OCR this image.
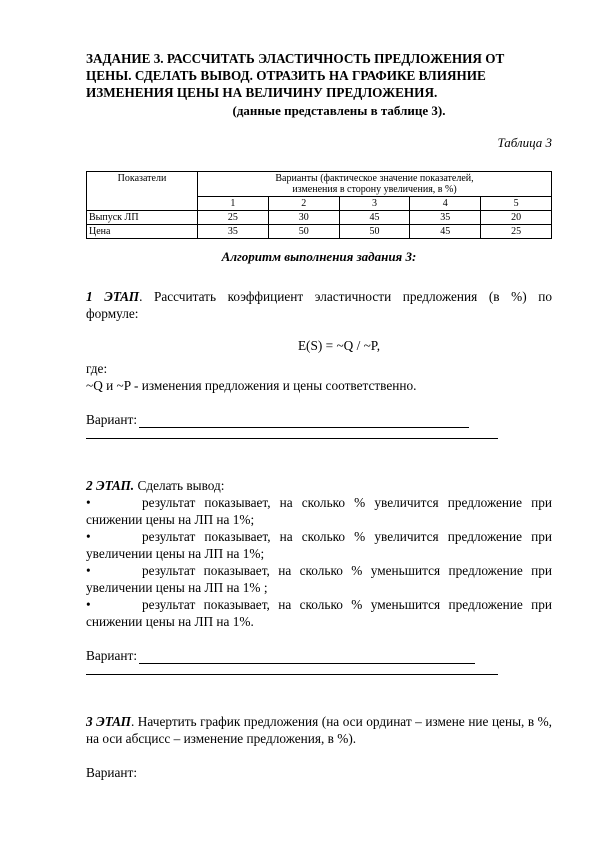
ЗАДАНИЕ 3. РАССЧИТАТЬ ЭЛАСТИЧНОСТЬ ПРЕДЛОЖЕНИЯ ОТ
ЦЕНЫ. СДЕЛАТЬ ВЫВОД. ОТРАЗИТЬ НА ГРАФИКЕ ВЛИЯНИЕ
ИЗМЕНЕНИЯ ЦЕНЫ НА ВЕЛИЧИНУ ПРЕДЛОЖЕНИЯ.

(данные представлены в таблице 3).
Таблица 3
Показатели	Варианты (фактическое значение показателей,
изменения в сторону увеличения, в %)				
	1	2	3	4	5
Выпуск ЛП	25	30	45	35	20
Цена	35	50	50	45	25
Алгоритм выполнения задания 3:

1 ЭТАП. Рассчитать коэффициент эластичности предложения (в %) по

формуле:

E(S) = ~Q / ~P,

где:

~Q и ~P - изменения предложения и цены соответственно.

Вариант:

2 ЭТАП. Сделать вывод:

•	результат показывает, на сколько % увеличится предложение при

снижении цены на ЛП на 1%;

•	результат показывает, на сколько % увеличится предложение при

увеличении цены на ЛП на 1%;

•	результат показывает, на сколько % уменьшится предложение при

увеличении цены на ЛП на 1% ;

•	результат показывает, на сколько % уменьшится предложение при

снижении цены на ЛП на 1%.

Вариант:

3 ЭТАП. Начертить график предложения (на оси ординат – измене ние цены, в %, на оси абсцисс – изменение предложения, в %).

Вариант:
